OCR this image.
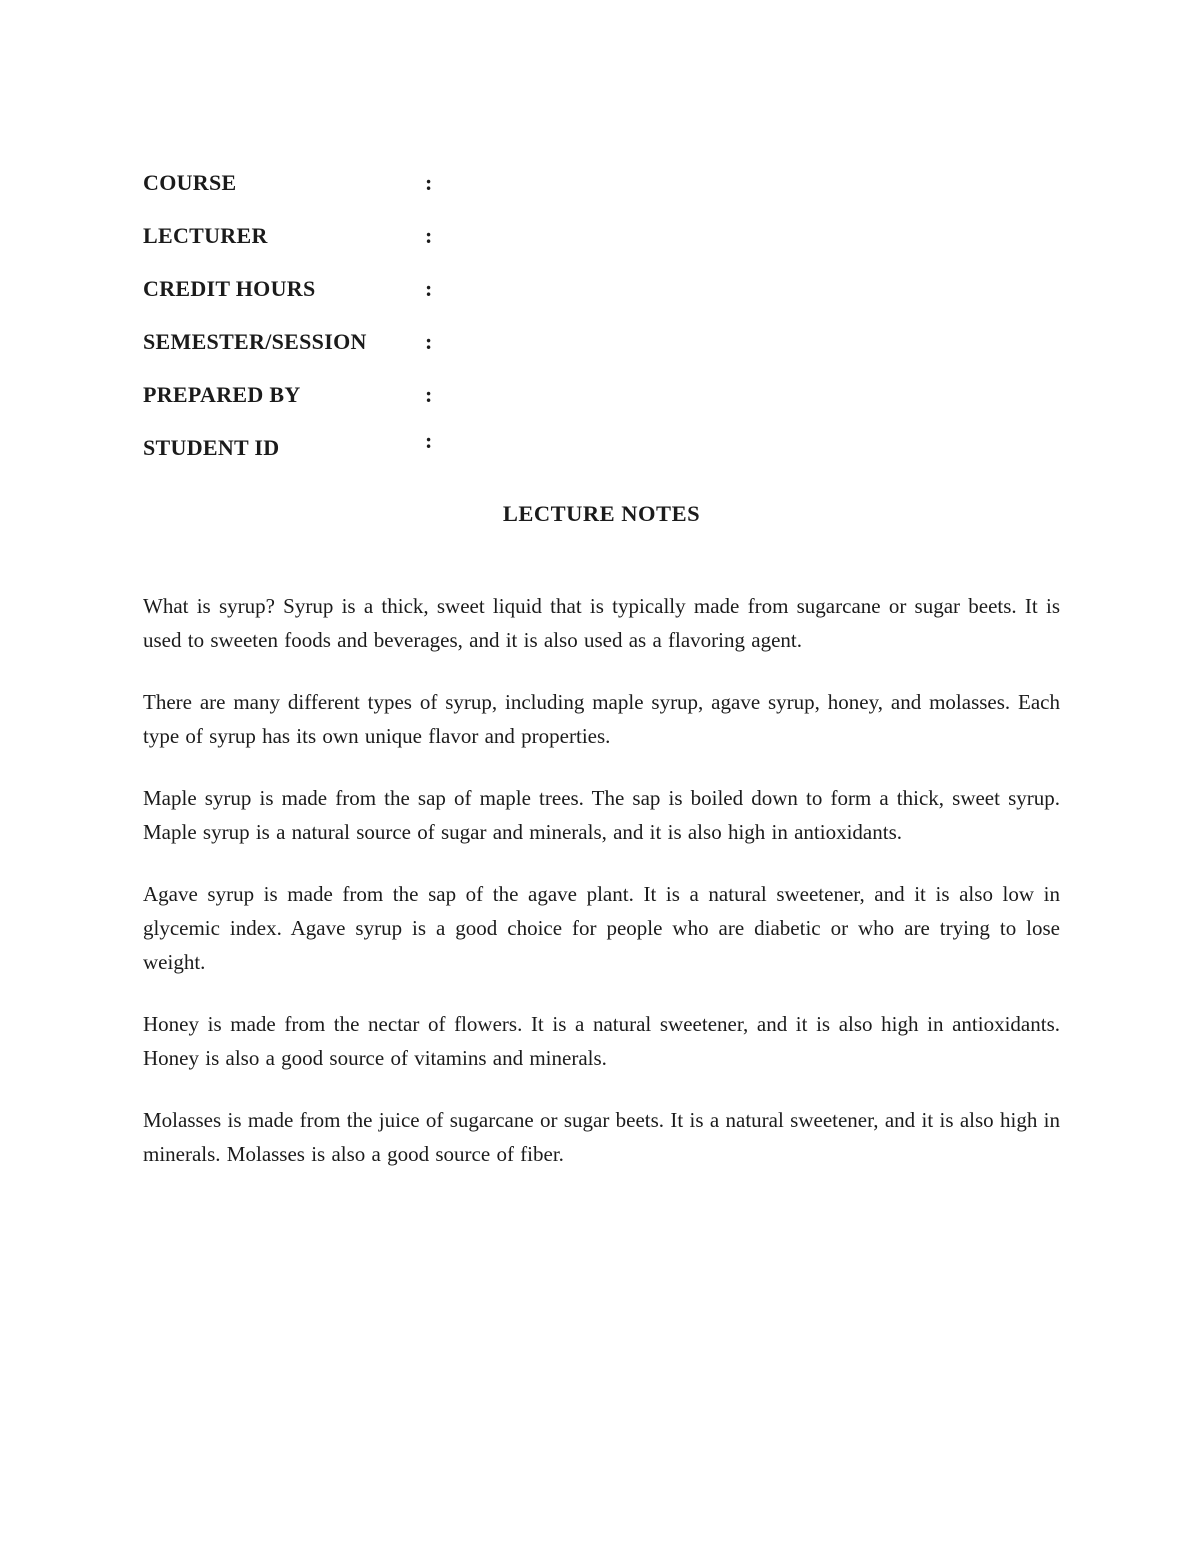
COURSE	:
LECTURER	:
CREDIT HOURS	:
SEMESTER/SESSION	:
PREPARED BY	:
STUDENT ID	:
LECTURE NOTES

What is syrup? Syrup is a thick, sweet liquid that is typically made from sugarcane or sugar beets. It is used to sweeten foods and beverages, and it is also used as a flavoring agent.

There are many different types of syrup, including maple syrup, agave syrup, honey, and molasses. Each type of syrup has its own unique flavor and properties.

Maple syrup is made from the sap of maple trees. The sap is boiled down to form a thick, sweet syrup. Maple syrup is a natural source of sugar and minerals, and it is also high in antioxidants.

Agave syrup is made from the sap of the agave plant. It is a natural sweetener, and it is also low in glycemic index. Agave syrup is a good choice for people who are diabetic or who are trying to lose weight.

Honey is made from the nectar of flowers. It is a natural sweetener, and it is also high in antioxidants. Honey is also a good source of vitamins and minerals.

Molasses is made from the juice of sugarcane or sugar beets. It is a natural sweetener, and it is also high in minerals. Molasses is also a good source of fiber.
